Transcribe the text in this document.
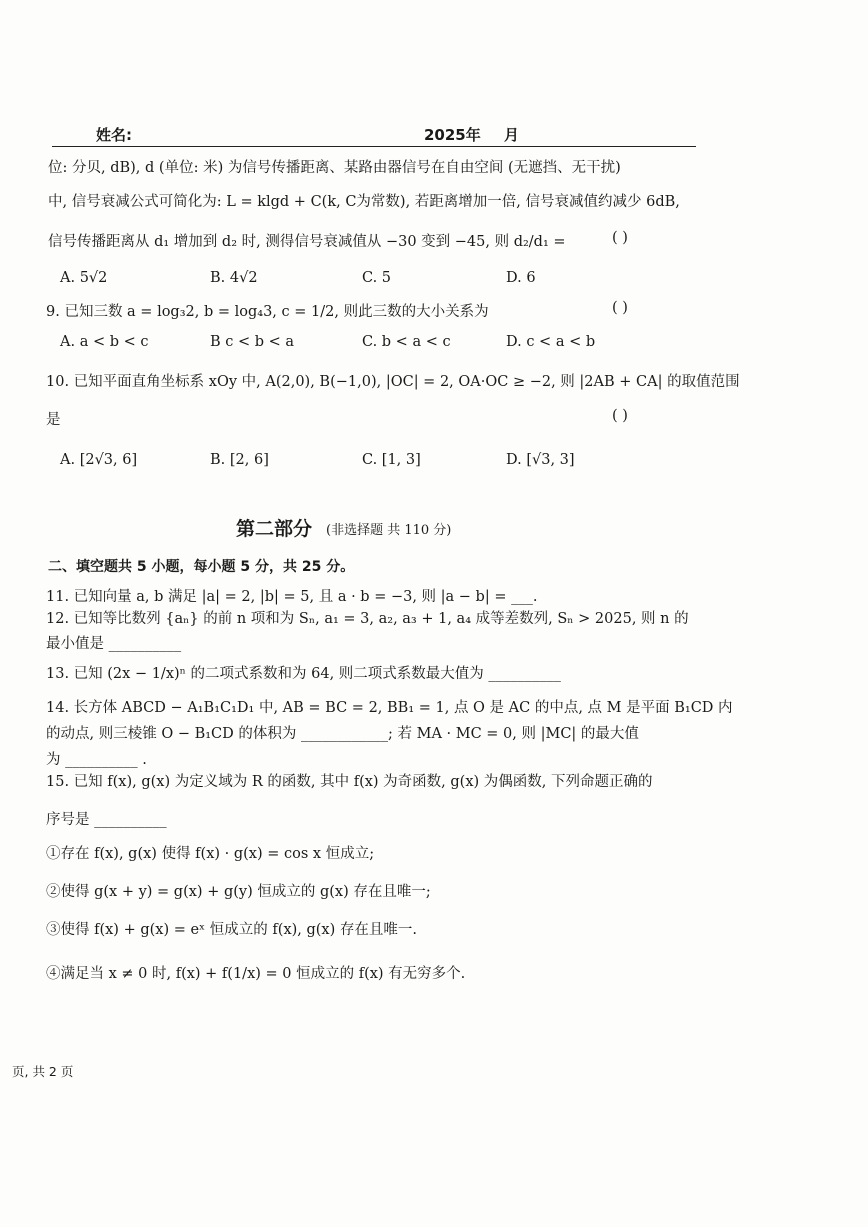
姓名:	2025年 月
位: 分贝, dB), d (单位: 米) 为信号传播距离、某路由器信号在自由空间 (无遮挡、无干扰)
中, 信号衰减公式可简化为: L = klgd + C(k, C为常数), 若距离增加一倍, 信号衰减值约减少 6dB,
信号传播距离从 d₁ 增加到 d₂ 时, 测得信号衰减值从 −30 变到 −45, 则 d₂/d₁ =	( )
A. 5√2	B. 4√2	C. 5	D. 6
9. 已知三数 a = log₃2, b = log₄3, c = 1/2, 则此三数的大小关系为	( )
A. a < b < c	B c < b < a	C. b < a < c	D. c < a < b
10. 已知平面直角坐标系 xOy 中, A(2,0), B(−1,0), |OC| = 2, OA·OC ≥ −2, 则 |2AB + CA| 的取值范围
是	( )
A. [2√3, 6]	B. [2, 6]	C. [1, 3]	D. [√3, 3]
第二部分 (非选择题 共 110 分)
二、填空题共 5 小题，每小题 5 分，共 25 分。
11. 已知向量 a, b 满足 |a| = 2, |b| = 5, 且 a · b = −3, 则 |a − b| = ___.
12. 已知等比数列 {aₙ} 的前 n 项和为 Sₙ, a₁ = 3, a₂, a₃ + 1, a₄ 成等差数列, Sₙ > 2025, 则 n 的
最小值是 __________
13. 已知 (2x − 1/x)ⁿ 的二项式系数和为 64, 则二项式系数最大值为 __________
14. 长方体 ABCD − A₁B₁C₁D₁ 中, AB = BC = 2, BB₁ = 1, 点 O 是 AC 的中点, 点 M 是平面 B₁CD 内
的动点, 则三棱锥 O − B₁CD 的体积为 ____________; 若 MA · MC = 0, 则 |MC| 的最大值
为 __________ .
15. 已知 f(x), g(x) 为定义域为 R 的函数, 其中 f(x) 为奇函数, g(x) 为偶函数, 下列命题正确的
序号是 __________
①存在 f(x), g(x) 使得 f(x) · g(x) = cos x 恒成立;
②使得 g(x + y) = g(x) + g(y) 恒成立的 g(x) 存在且唯一;
③使得 f(x) + g(x) = eˣ 恒成立的 f(x), g(x) 存在且唯一.
④满足当 x ≠ 0 时, f(x) + f(1/x) = 0 恒成立的 f(x) 有无穷多个.
页, 共 2 页
